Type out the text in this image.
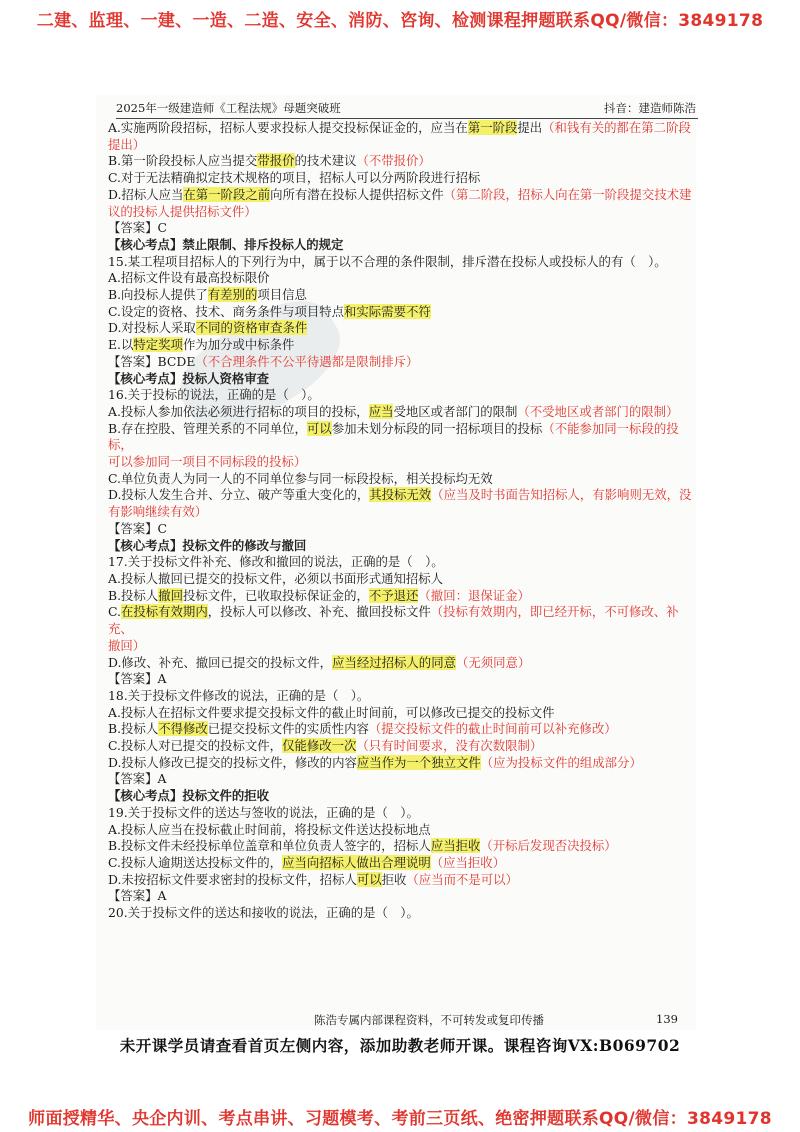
二建、监理、一建、一造、二造、安全、消防、咨询、检测课程押题联系QQ/微信：3849178
2025年一级建造师《工程法规》母题突破班	抖音：建造师陈浩
A.实施两阶段招标，招标人要求投标人提交投标保证金的，应当在第一阶段提出（和钱有关的都在第二阶段
提出）
B.第一阶段投标人应当提交带报价的技术建议（不带报价）
C.对于无法精确拟定技术规格的项目，招标人可以分两阶段进行招标
D.招标人应当在第一阶段之前向所有潜在投标人提供招标文件（第二阶段，招标人向在第一阶段提交技术建
议的投标人提供招标文件）
【答案】C
【核心考点】禁止限制、排斥投标人的规定
15.某工程项目招标人的下列行为中，属于以不合理的条件限制，排斥潜在投标人或投标人的有（　）。
A.招标文件设有最高投标限价
B.向投标人提供了有差别的项目信息
C.设定的资格、技术、商务条件与项目特点和实际需要不符
D.对投标人采取不同的资格审查条件
E.以特定奖项作为加分或中标条件
【答案】BCDE（不合理条件不公平待遇都是限制排斥）
【核心考点】投标人资格审查
16.关于投标的说法，正确的是（　）。
A.投标人参加依法必须进行招标的项目的投标，应当受地区或者部门的限制（不受地区或者部门的限制）
B.存在控股、管理关系的不同单位，可以参加未划分标段的同一招标项目的投标（不能参加同一标段的投标，
可以参加同一项目不同标段的投标）
C.单位负责人为同一人的不同单位参与同一标段投标，相关投标均无效
D.投标人发生合并、分立、破产等重大变化的，其投标无效（应当及时书面告知招标人，有影响则无效，没
有影响继续有效）
【答案】C
【核心考点】投标文件的修改与撤回
17.关于投标文件补充、修改和撤回的说法，正确的是（　）。
A.投标人撤回已提交的投标文件，必须以书面形式通知招标人
B.投标人撤回投标文件，已收取投标保证金的，不予退还（撤回：退保证金）
C.在投标有效期内，投标人可以修改、补充、撤回投标文件（投标有效期内，即已经开标，不可修改、补充、
撤回）
D.修改、补充、撤回已提交的投标文件，应当经过招标人的同意（无须同意）
【答案】A
18.关于投标文件修改的说法，正确的是（　）。
A.投标人在招标文件要求提交投标文件的截止时间前，可以修改已提交的投标文件
B.投标人不得修改已提交投标文件的实质性内容（提交投标文件的截止时间前可以补充修改）
C.投标人对已提交的投标文件，仅能修改一次（只有时间要求，没有次数限制）
D.投标人修改已提交的投标文件，修改的内容应当作为一个独立文件（应为投标文件的组成部分）
【答案】A
【核心考点】投标文件的拒收
19.关于投标文件的送达与签收的说法，正确的是（　）。
A.投标人应当在投标截止时间前，将投标文件送达投标地点
B.投标文件未经投标单位盖章和单位负责人签字的，招标人应当拒收（开标后发现否决投标）
C.投标人逾期送达投标文件的，应当向招标人做出合理说明（应当拒收）
D.未按招标文件要求密封的投标文件，招标人可以拒收（应当而不是可以）
【答案】A
20.关于投标文件的送达和接收的说法，正确的是（　）。
陈浩专属内部课程资料，不可转发或复印传播	139
未开课学员请查看首页左侧内容，添加助教老师开课。课程咨询VX:B069702
师面授精华、央企内训、考点串讲、习题模考、考前三页纸、绝密押题联系QQ/微信：3849178
